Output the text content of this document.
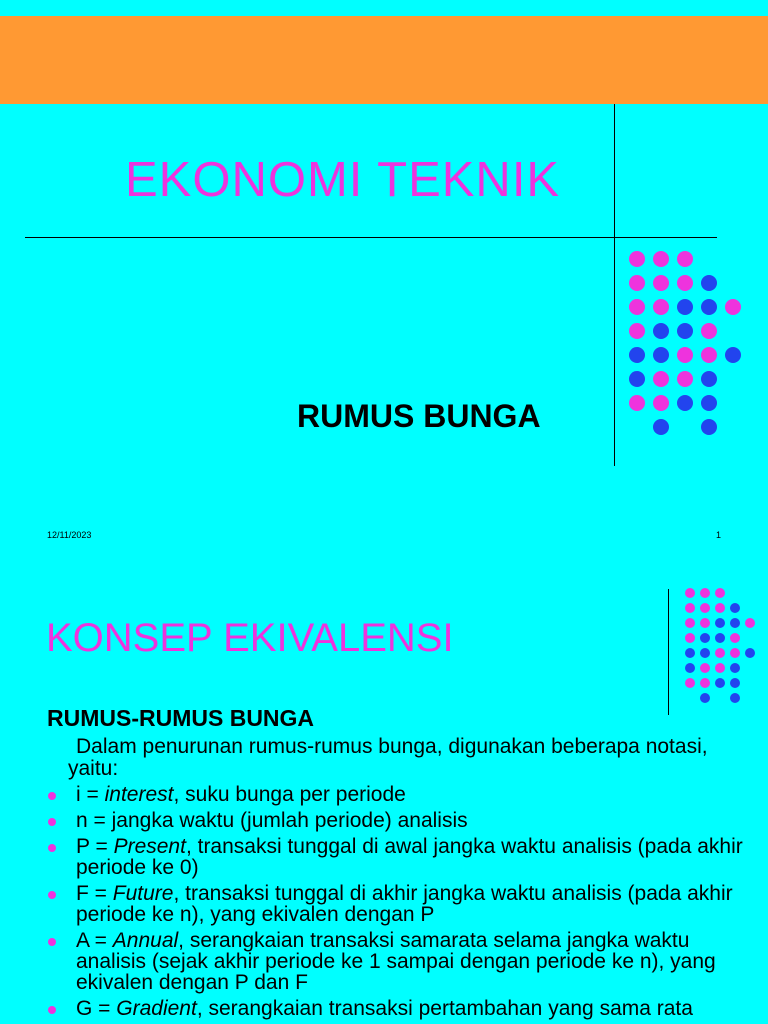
EKONOMI TEKNIK
RUMUS BUNGA
12/11/2023	1
KONSEP EKIVALENSI
RUMUS-RUMUS BUNGA
Dalam penurunan rumus-rumus bunga, digunakan beberapa notasi, yaitu:
i = interest, suku bunga per periode
n = jangka waktu (jumlah periode) analisis
P = Present, transaksi tunggal di awal jangka waktu analisis (pada akhir periode ke 0)
F = Future, transaksi tunggal di akhir jangka waktu analisis (pada akhir periode ke n), yang ekivalen dengan P
A = Annual, serangkaian transaksi samarata selama jangka waktu analisis (sejak akhir periode ke 1 sampai dengan periode ke n), yang ekivalen dengan P dan F
G = Gradient, serangkaian transaksi pertambahan yang sama rata
